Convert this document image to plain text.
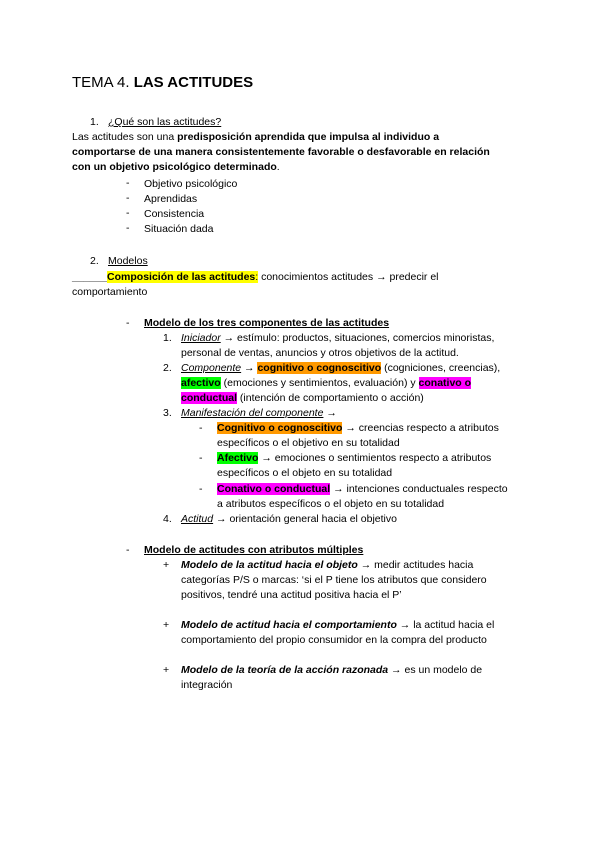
TEMA 4. LAS ACTITUDES
1. ¿Qué son las actitudes?
Las actitudes son una predisposición aprendida que impulsa al individuo a
comportarse de una manera consistentemente favorable o desfavorable en relación
con un objetivo psicológico determinado.
- Objetivo psicológico
- Aprendidas
- Consistencia
- Situación dada
2. Modelos
______Composición de las actitudes: conocimientos actitudes → predecir el
comportamiento
- Modelo de los tres componentes de las actitudes
1. Iniciador → estímulo: productos, situaciones, comercios minoristas,
personal de ventas, anuncios y otros objetivos de la actitud.
2. Componente → cognitivo o cognoscitivo (cogniciones, creencias),
afectivo (emociones y sentimientos, evaluación) y conativo o
conductual (intención de comportamiento o acción)
3. Manifestación del componente →
- Cognitivo o cognoscitivo → creencias respecto a atributos
específicos o el objetivo en su totalidad
- Afectivo → emociones o sentimientos respecto a atributos
específicos o el objeto en su totalidad
- Conativo o conductual → intenciones conductuales respecto
a atributos específicos o el objeto en su totalidad
4. Actitud → orientación general hacia el objetivo
- Modelo de actitudes con atributos múltiples
+ Modelo de la actitud hacia el objeto → medir actitudes hacia
categorías P/S o marcas: ‘si el P tiene los atributos que considero
positivos, tendré una actitud positiva hacia el P’
+ Modelo de actitud hacia el comportamiento → la actitud hacia el
comportamiento del propio consumidor en la compra del producto
+ Modelo de la teoría de la acción razonada → es un modelo de
integración
